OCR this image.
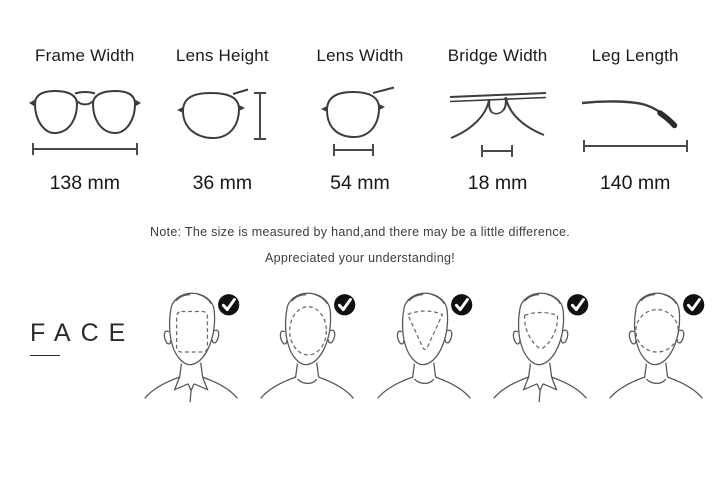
Frame Width
138 mm
Lens Height
36 mm
Lens Width
54 mm
Bridge Width
18 mm
Leg Length
140 mm
Note: The size is measured by hand,and there may be a little difference.
Appreciated your understanding!
FACE
